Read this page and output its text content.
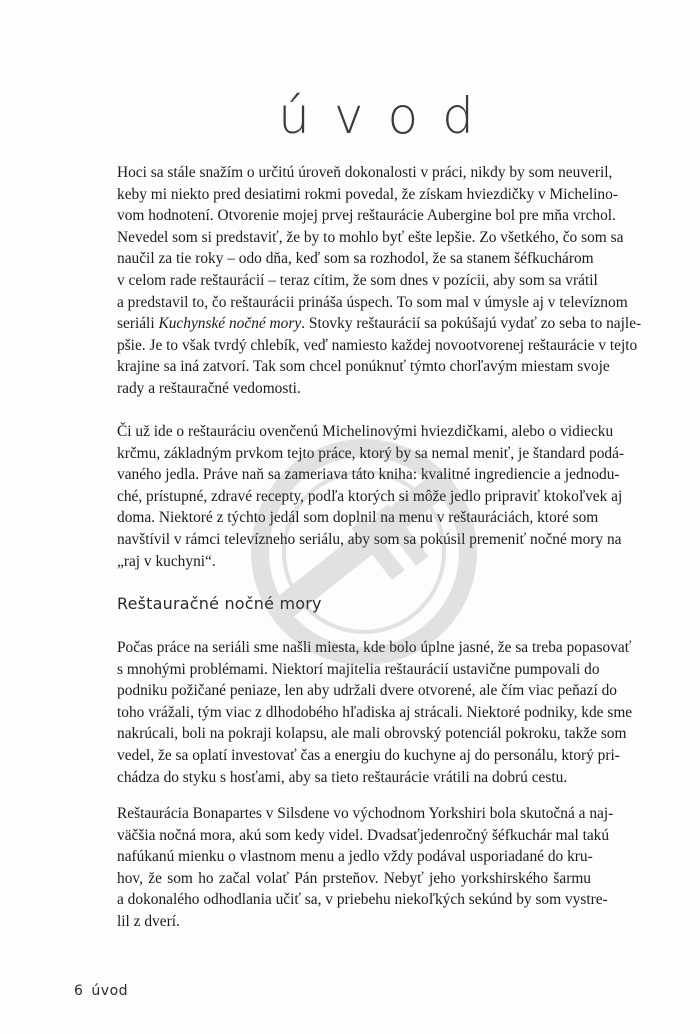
ú v o d
Hoci sa stále snažím o určitú úroveň dokonalosti v práci, nikdy by som neuveril,
keby mi niekto pred desiatimi rokmi povedal, že získam hviezdičky v Michelino-
vom hodnotení. Otvorenie mojej prvej reštaurácie Aubergine bol pre mňa vrchol.
Nevedel som si predstaviť, že by to mohlo byť ešte lepšie. Zo všetkého, čo som sa
naučil za tie roky – odo dňa, keď som sa rozhodol, že sa stanem šéfkuchárom
v celom rade reštaurácií – teraz cítim, že som dnes v pozícii, aby som sa vrátil
a predstavil to, čo reštaurácii prináša úspech. To som mal v úmysle aj v televíznom
seriáli Kuchynské nočné mory. Stovky reštaurácií sa pokúšajú vydať zo seba to najle-
pšie. Je to však tvrdý chlebík, veď namiesto každej novootvorenej reštaurácie v tejto
krajine sa iná zatvorí. Tak som chcel ponúknuť týmto chorľavým miestam svoje
rady a reštauračné vedomosti.
Či už ide o reštauráciu ovenčenú Michelinovými hviezdičkami, alebo o vidiecku
krčmu, základným prvkom tejto práce, ktorý by sa nemal meniť, je štandard podá-
vaného jedla. Práve naň sa zameriava táto kniha: kvalitné ingrediencie a jednodu-
ché, prístupné, zdravé recepty, podľa ktorých si môže jedlo pripraviť ktokoľvek aj
doma. Niektoré z týchto jedál som doplnil na menu v reštauráciách, ktoré som
navštívil v rámci televízneho seriálu, aby som sa pokúsil premeniť nočné mory na
„raj v kuchyni“.
Reštauračné nočné mory
Počas práce na seriáli sme našli miesta, kde bolo úplne jasné, že sa treba popasovať
s mnohými problémami. Niektorí majitelia reštaurácií ustavične pumpovali do
podniku požičané peniaze, len aby udržali dvere otvorené, ale čím viac peňazí do
toho vrážali, tým viac z dlhodobého hľadiska aj strácali. Niektoré podniky, kde sme
nakrúcali, boli na pokraji kolapsu, ale mali obrovský potenciál pokroku, takže som
vedel, že sa oplatí investovať čas a energiu do kuchyne aj do personálu, ktorý pri-
chádza do styku s hosťami, aby sa tieto reštaurácie vrátili na dobrú cestu.
Reštaurácia Bonapartes v Silsdene vo východnom Yorkshiri bola skutočná a naj-
väčšia nočná mora, akú som kedy videl. Dvadsaťjedenročný šéfkuchár mal takú
nafúkanú mienku o vlastnom menu a jedlo vždy podával usporiadané do kru-
hov, že som ho začal volať Pán prsteňov. Nebyť jeho yorkshirského šarmu
a dokonalého odhodlania učiť sa, v priebehu niekoľkých sekúnd by som vystre-
lil z dverí.
6 úvod
